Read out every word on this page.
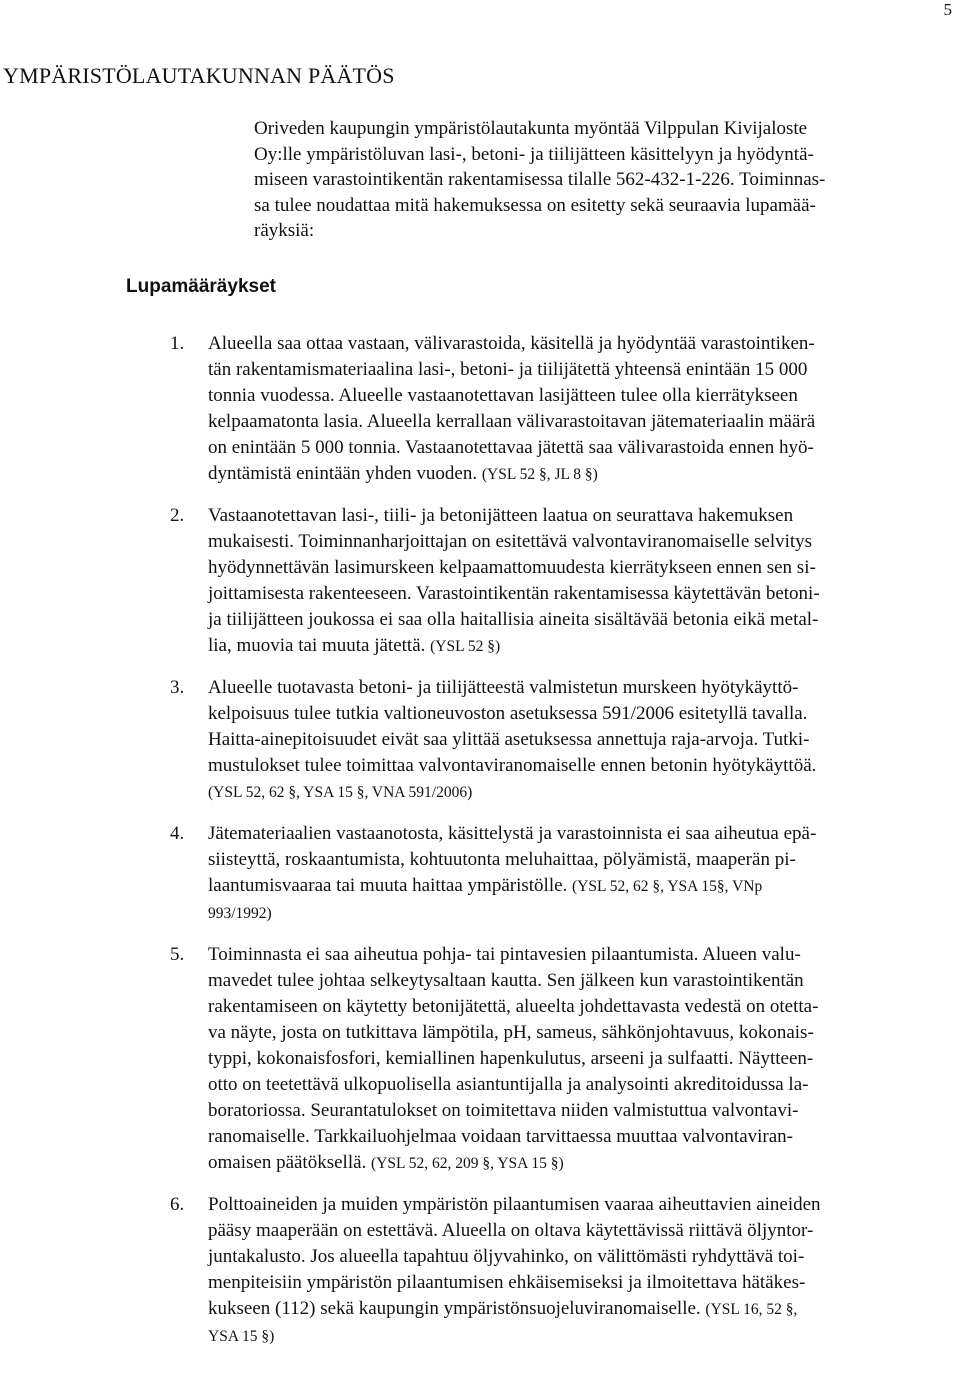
5
YMPÄRISTÖLAUTAKUNNAN PÄÄTÖS
Oriveden kaupungin ympäristölautakunta myöntää Vilppulan Kivijaloste
Oy:lle ympäristöluvan lasi-, betoni- ja tiilijätteen käsittelyyn ja hyödyntä-
miseen varastointikentän rakentamisessa tilalle 562-432-1-226. Toiminnas-
sa tulee noudattaa mitä hakemuksessa on esitetty sekä seuraavia lupamää-
räyksiä:
Lupamääräykset
1. Alueella saa ottaa vastaan, välivarastoida, käsitellä ja hyödyntää varastointiken-
tän rakentamismateriaalina lasi-, betoni- ja tiilijätettä yhteensä enintään 15 000
tonnia vuodessa. Alueelle vastaanotettavan lasijätteen tulee olla kierrätykseen
kelpaamatonta lasia. Alueella kerrallaan välivarastoitavan jätemateriaalin määrä
on enintään 5 000 tonnia. Vastaanotettavaa jätettä saa välivarastoida ennen hyö-
dyntämistä enintään yhden vuoden. (YSL 52 §, JL 8 §)
2. Vastaanotettavan lasi-, tiili- ja betonijätteen laatua on seurattava hakemuksen
mukaisesti. Toiminnanharjoittajan on esitettävä valvontaviranomaiselle selvitys
hyödynnettävän lasimurskeen kelpaamattomuudesta kierrätykseen ennen sen si-
joittamisesta rakenteeseen. Varastointikentän rakentamisessa käytettävän betoni-
ja tiilijätteen joukossa ei saa olla haitallisia aineita sisältävää betonia eikä metal-
lia, muovia tai muuta jätettä. (YSL 52 §)
3. Alueelle tuotavasta betoni- ja tiilijätteestä valmistetun murskeen hyötykäyttö-
kelpoisuus tulee tutkia valtioneuvoston asetuksessa 591/2006 esitetyllä tavalla.
Haitta-ainepitoisuudet eivät saa ylittää asetuksessa annettuja raja-arvoja. Tutki-
mustulokset tulee toimittaa valvontaviranomaiselle ennen betonin hyötykäyttöä.
(YSL 52, 62 §, YSA 15 §, VNA 591/2006)
4. Jätemateriaalien vastaanotosta, käsittelystä ja varastoinnista ei saa aiheutua epä-
siisteyttä, roskaantumista, kohtuutonta meluhaittaa, pölyämistä, maaperän pi-
laantumisvaaraa tai muuta haittaa ympäristölle. (YSL 52, 62 §, YSA 15§, VNp
993/1992)
5. Toiminnasta ei saa aiheutua pohja- tai pintavesien pilaantumista. Alueen valu-
mavedet tulee johtaa selkeytysaltaan kautta. Sen jälkeen kun varastointikentän
rakentamiseen on käytetty betonijätettä, alueelta johdettavasta vedestä on otetta-
va näyte, josta on tutkittava lämpötila, pH, sameus, sähkönjohtavuus, kokonais-
typpi, kokonaisfosfori, kemiallinen hapenkulutus, arseeni ja sulfaatti. Näytteen-
otto on teetettävä ulkopuolisella asiantuntijalla ja analysointi akreditoidussa la-
boratoriossa. Seurantatulokset on toimitettava niiden valmistuttua valvontavi-
ranomaiselle. Tarkkailuohjelmaa voidaan tarvittaessa muuttaa valvontaviran-
omaisen päätöksellä. (YSL 52, 62, 209 §, YSA 15 §)
6. Polttoaineiden ja muiden ympäristön pilaantumisen vaaraa aiheuttavien aineiden
pääsy maaperään on estettävä. Alueella on oltava käytettävissä riittävä öljyntor-
juntakalusto. Jos alueella tapahtuu öljyvahinko, on välittömästi ryhdyttävä toi-
menpiteisiin ympäristön pilaantumisen ehkäisemiseksi ja ilmoitettava hätäkes-
kukseen (112) sekä kaupungin ympäristönsuojeluviranomaiselle. (YSL 16, 52 §,
YSA 15 §)
